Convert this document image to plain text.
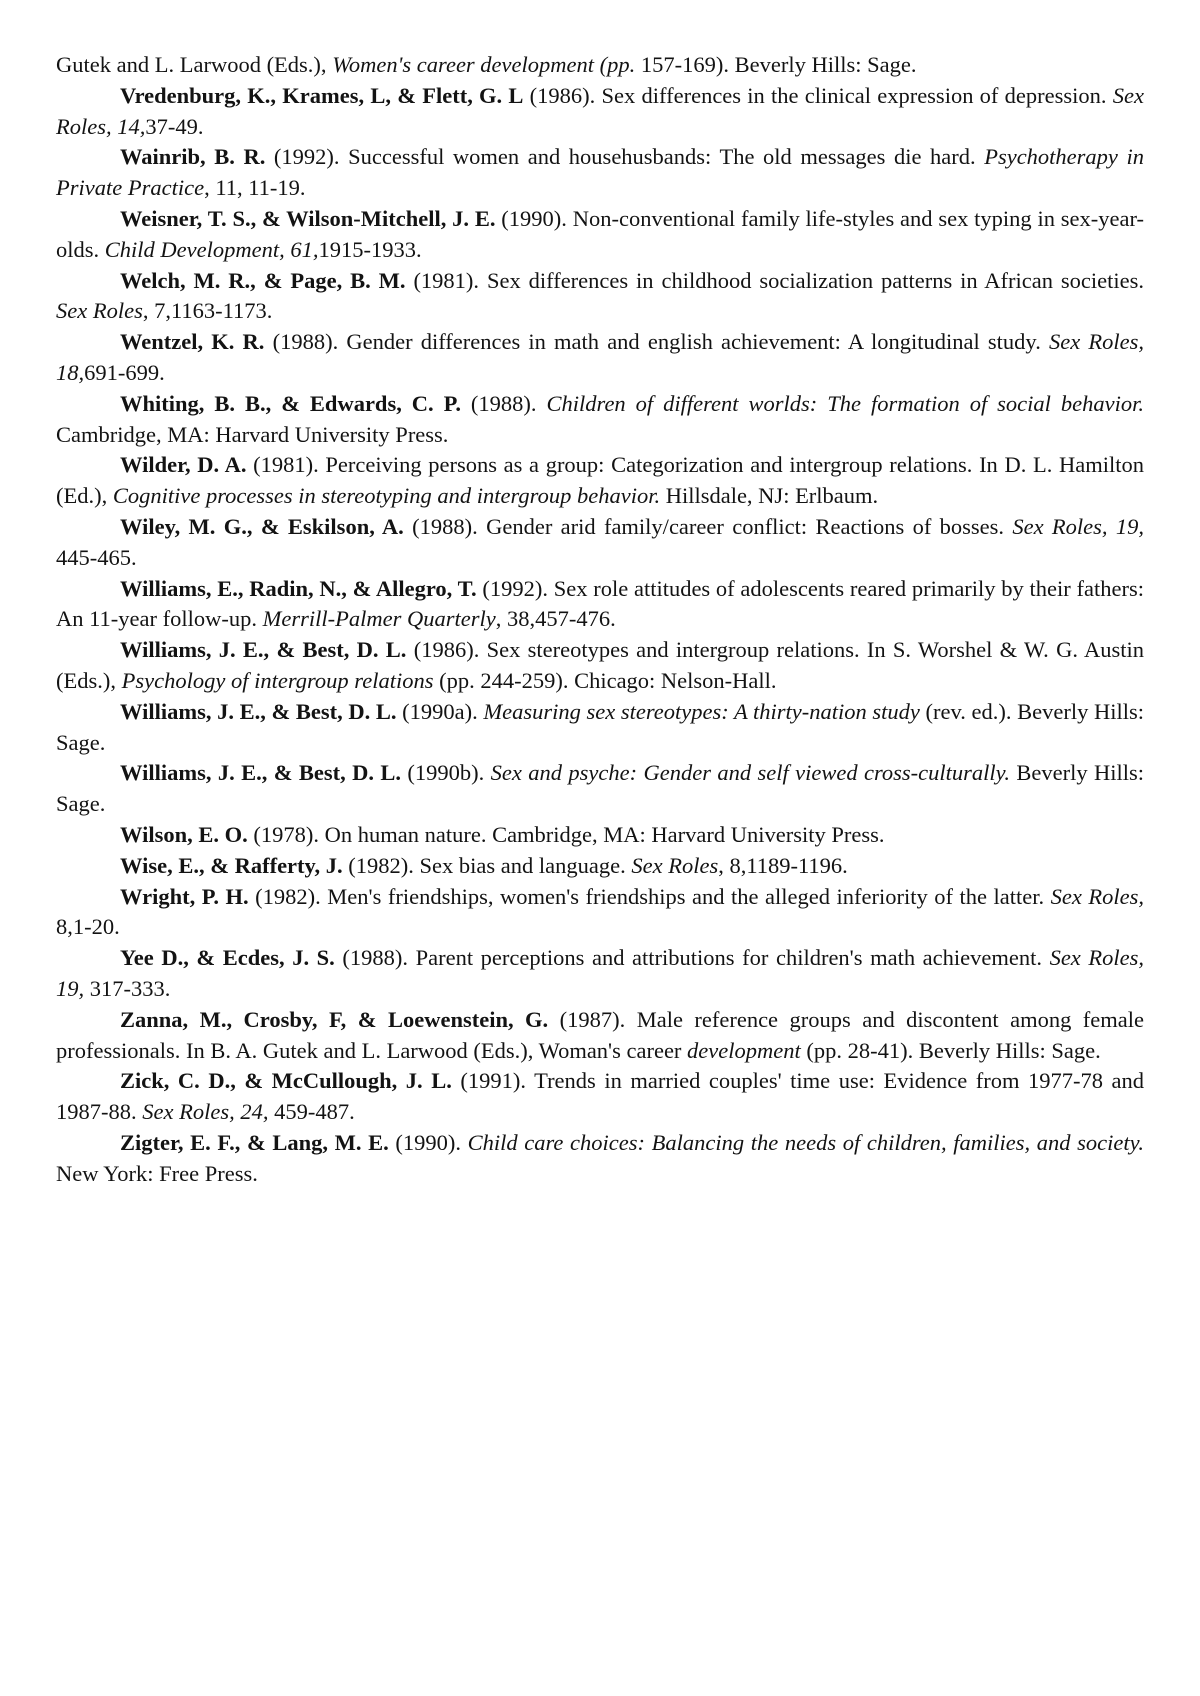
Gutek and L. Larwood (Eds.), Women's career development (pp. 157-169). Beverly Hills: Sage.

Vredenburg, K., Krames, L, & Flett, G. L (1986). Sex differences in the clinical expression of depression. Sex Roles, 14,37-49.

Wainrib, B. R. (1992). Successful women and househusbands: The old messages die hard. Psychotherapy in Private Practice, 11, 11-19.

Weisner, T. S., & Wilson-Mitchell, J. E. (1990). Non-conventional family life-styles and sex typing in sex-year-olds. Child Development, 61,1915-1933.

Welch, M. R., & Page, B. M. (1981). Sex differences in childhood socialization patterns in African societies. Sex Roles, 7,1163-1173.

Wentzel, K. R. (1988). Gender differences in math and english achievement: A longitudinal study. Sex Roles, 18,691-699.

Whiting, B. B., & Edwards, C. P. (1988). Children of different worlds: The formation of social behavior. Cambridge, MA: Harvard University Press.

Wilder, D. A. (1981). Perceiving persons as a group: Categorization and intergroup relations. In D. L. Hamilton (Ed.), Cognitive processes in stereotyping and intergroup behavior. Hillsdale, NJ: Erlbaum.

Wiley, M. G., & Eskilson, A. (1988). Gender arid family/career conflict: Reactions of bosses. Sex Roles, 19, 445-465.

Williams, E., Radin, N., & Allegro, T. (1992). Sex role attitudes of adolescents reared primarily by their fathers: An 11-year follow-up. Merrill-Palmer Quarterly, 38,457-476.

Williams, J. E., & Best, D. L. (1986). Sex stereotypes and intergroup relations. In S. Worshel & W. G. Austin (Eds.), Psychology of intergroup relations (pp. 244-259). Chicago: Nelson-Hall.

Williams, J. E., & Best, D. L. (1990a). Measuring sex stereotypes: A thirty-nation study (rev. ed.). Beverly Hills: Sage.

Williams, J. E., & Best, D. L. (1990b). Sex and psyche: Gender and self viewed cross-culturally. Beverly Hills: Sage.

Wilson, E. O. (1978). On human nature. Cambridge, MA: Harvard University Press.

Wise, E., & Rafferty, J. (1982). Sex bias and language. Sex Roles, 8,1189-1196.

Wright, P. H. (1982). Men's friendships, women's friendships and the alleged inferiority of the latter. Sex Roles, 8,1-20.

Yee D., & Ecdes, J. S. (1988). Parent perceptions and attributions for children's math achievement. Sex Roles, 19, 317-333.

Zanna, M., Crosby, F, & Loewenstein, G. (1987). Male reference groups and discontent among female professionals. In B. A. Gutek and L. Larwood (Eds.), Woman's career development (pp. 28-41). Beverly Hills: Sage.

Zick, C. D., & McCullough, J. L. (1991). Trends in married couples' time use: Evidence from 1977-78 and 1987-88. Sex Roles, 24, 459-487.

Zigter, E. F., & Lang, M. E. (1990). Child care choices: Balancing the needs of children, families, and society. New York: Free Press.
